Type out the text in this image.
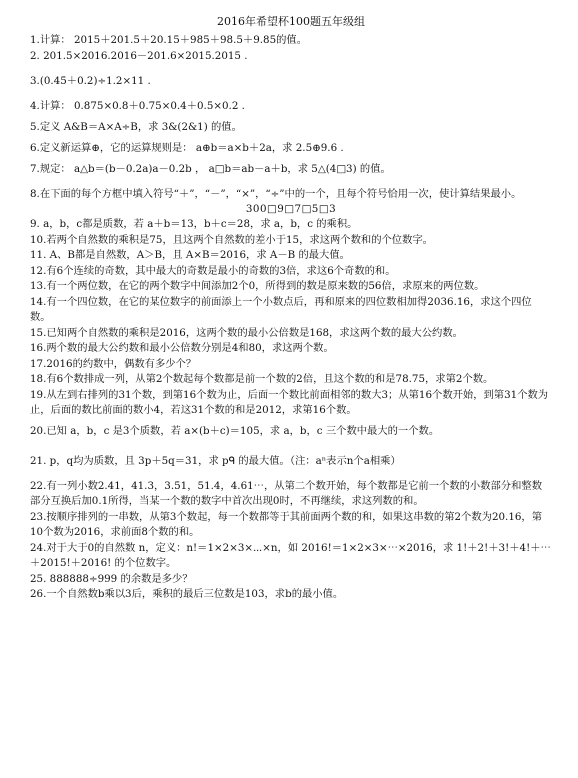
2016年希望杯100题五年级组

1.计算： 2015＋201.5＋20.15＋985＋98.5＋9.85的值。

2. 201.5×2016.2016－201.6×2015.2015 .

3.(0.45̇＋0.2)÷1.2×11 .

4.计算： 0.875×0.8＋0.75×0.4＋0.5×0.2 .

5.定义 A&B＝A×A÷B，求 3&(2&1) 的值。

6.定义新运算⊕，它的运算规则是： a⊕b＝a×b＋2a，求 2.5⊕9.6 .

7.规定： a△b＝(b－0.2a)a－0.2b ， a□b＝ab－a＋b，求 5△(4□3) 的值。

8.在下面的每个方框中填入符号“＋”，“－”，“×”，“÷”中的一个，且每个符号恰用一次，使计算结果最小。

300□9□7□5□3

9. a，b，c都是质数，若 a＋b＝13，b＋c＝28，求 a，b，c 的乘积。

10.若两个自然数的乘积是75，且这两个自然数的差小于15，求这两个数和的个位数字。

11. A、B都是自然数，A＞B，且 A×B＝2016，求 A－B 的最大值。

12.有6个连续的奇数，其中最大的奇数是最小的奇数的3倍，求这6个奇数的和。

13.有一个两位数，在它的两个数字中间添加2个0，所得到的数是原来数的56倍，求原来的两位数。

14.有一个四位数，在它的某位数字的前面添上一个小数点后，再和原来的四位数相加得2036.16，求这个四位数。

15.已知两个自然数的乘积是2016，这两个数的最小公倍数是168，求这两个数的最大公约数。

16.两个数的最大公约数和最小公倍数分别是4和80，求这两个数。

17.2016的约数中，偶数有多少个？

18.有6个数排成一列，从第2个数起每个数都是前一个数的2倍，且这个数的和是78.75，求第2个数。

19.从左到右排列的31个数，到第16个数为止，后面一个数比前面相邻的数大3；从第16个数开始，到第31个数为止，后面的数比前面的数小4，若这31个数的和是2012，求第16个数。

20.已知 a，b，c 是3个质数，若 a×(b＋c)＝105，求 a，b，c 三个数中最大的一个数。

21. p，q均为质数，且 3p＋5q＝31，求 pᑫ 的最大值。（注：aⁿ表示n个a相乘）

22.有一列小数2.41，41.3，3.51，51.4，4.61⋯，从第二个数开始，每个数都是它前一个数的小数部分和整数部分互换后加0.1所得，当某一个数的数字中首次出现0时，不再继续，求这列数的和。

23.按顺序排列的一串数，从第3个数起，每一个数都等于其前面两个数的和，如果这串数的第2个数为20.16，第10个数为2016，求前面8个数的和。

24.对于大于0的自然数 n，定义：n!＝1×2×3×⋯×n，如 2016!＝1×2×3×⋯×2016，求 1!＋2!＋3!＋4!＋⋯＋2015!＋2016! 的个位数字。

25. 888888÷999 的余数是多少？

26.一个自然数b乘以3后，乘积的最后三位数是103，求b的最小值。
